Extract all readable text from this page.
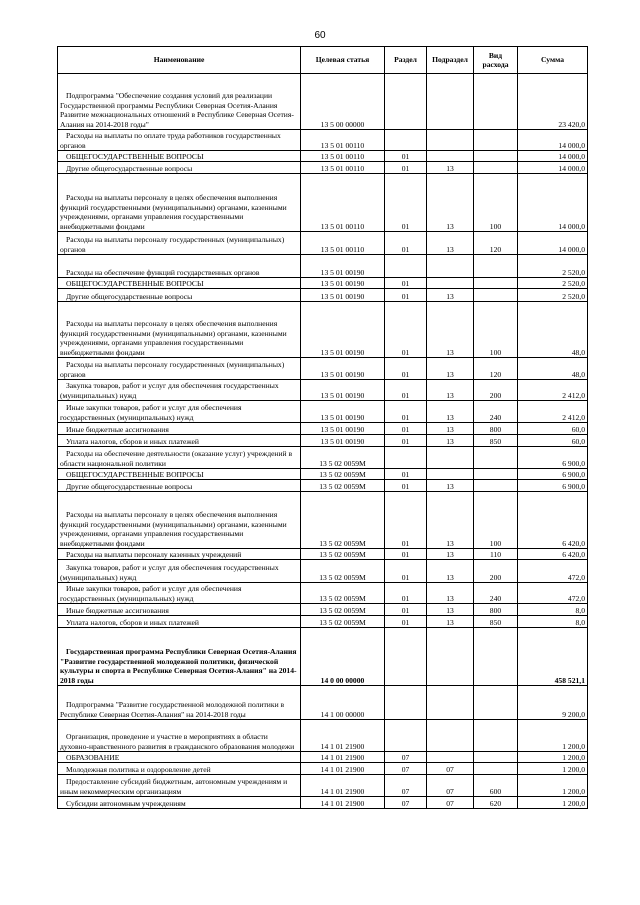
60
Наименование	Целевая статья	Раздел	Подраздел	Вид расхода	Сумма
Подпрограмма "Обеспечение создания условий для реализации Государственной программы Республики Северная Осетия-Алания Развитие межнациональных отношений в Республике Северная Осетия-Алания на 2014-2018 годы"	13 5 00 00000				23 420,0
Расходы на выплаты по оплате труда работников государственных органов	13 5 01 00110				14 000,0
ОБЩЕГОСУДАРСТВЕННЫЕ ВОПРОСЫ	13 5 01 00110	01			14 000,0
Другие общегосударственные вопросы	13 5 01 00110	01	13		14 000,0
Расходы на выплаты персоналу в целях обеспечения выполнения функций государственными (муниципальными) органами, казенными учреждениями, органами управления государственными внебюджетными фондами	13 5 01 00110	01	13	100	14 000,0
Расходы на выплаты персоналу государственных (муниципальных) органов	13 5 01 00110	01	13	120	14 000,0
Расходы на обеспечение функций государственных органов	13 5 01 00190				2 520,0
ОБЩЕГОСУДАРСТВЕННЫЕ ВОПРОСЫ	13 5 01 00190	01			2 520,0
Другие общегосударственные вопросы	13 5 01 00190	01	13		2 520,0
Расходы на выплаты персоналу в целях обеспечения выполнения функций государственными (муниципальными) органами, казенными учреждениями, органами управления государственными внебюджетными фондами	13 5 01 00190	01	13	100	48,0
Расходы на выплаты персоналу государственных (муниципальных) органов	13 5 01 00190	01	13	120	48,0
Закупка товаров, работ и услуг для обеспечения государственных (муниципальных) нужд	13 5 01 00190	01	13	200	2 412,0
Иные закупки товаров, работ и услуг для обеспечения государственных (муниципальных) нужд	13 5 01 00190	01	13	240	2 412,0
Иные бюджетные ассигнования	13 5 01 00190	01	13	800	60,0
Уплата налогов, сборов и иных платежей	13 5 01 00190	01	13	850	60,0
Расходы на обеспечение деятельности (оказание услуг) учреждений в области национальной политики	13 5 02 0059М				6 900,0
ОБЩЕГОСУДАРСТВЕННЫЕ ВОПРОСЫ	13 5 02 0059М	01			6 900,0
Другие общегосударственные вопросы	13 5 02 0059М	01	13		6 900,0
Расходы на выплаты персоналу в целях обеспечения выполнения функций государственными (муниципальными) органами, казенными учреждениями, органами управления государственными внебюджетными фондами	13 5 02 0059М	01	13	100	6 420,0
Расходы на выплаты персоналу казенных учреждений	13 5 02 0059М	01	13	110	6 420,0
Закупка товаров, работ и услуг для обеспечения государственных (муниципальных) нужд	13 5 02 0059М	01	13	200	472,0
Иные закупки товаров, работ и услуг для обеспечения государственных (муниципальных) нужд	13 5 02 0059М	01	13	240	472,0
Иные бюджетные ассигнования	13 5 02 0059М	01	13	800	8,0
Уплата налогов, сборов и иных платежей	13 5 02 0059М	01	13	850	8,0
Государственная программа Республики Северная Осетия-Алания "Развитие государственной молодежной политики, физической культуры и спорта в Республике Северная Осетия-Алания" на 2014-2018 годы	14 0 00 00000				458 521,1
Подпрограмма "Развитие государственной молодежной политики в Республике Северная Осетия-Алания" на 2014-2018 годы	14 1 00 00000				9 200,0
Организация, проведение и участие в мероприятиях в области духовно-нравственного развития в гражданского образования молодежи	14 1 01 21900				1 200,0
ОБРАЗОВАНИЕ	14 1 01 21900	07			1 200,0
Молодежная политика и оздоровление детей	14 1 01 21900	07	07		1 200,0
Предоставление субсидий бюджетным, автономным учреждениям и иным некоммерческим организациям	14 1 01 21900	07	07	600	1 200,0
Субсидии автономным учреждениям	14 1 01 21900	07	07	620	1 200,0
